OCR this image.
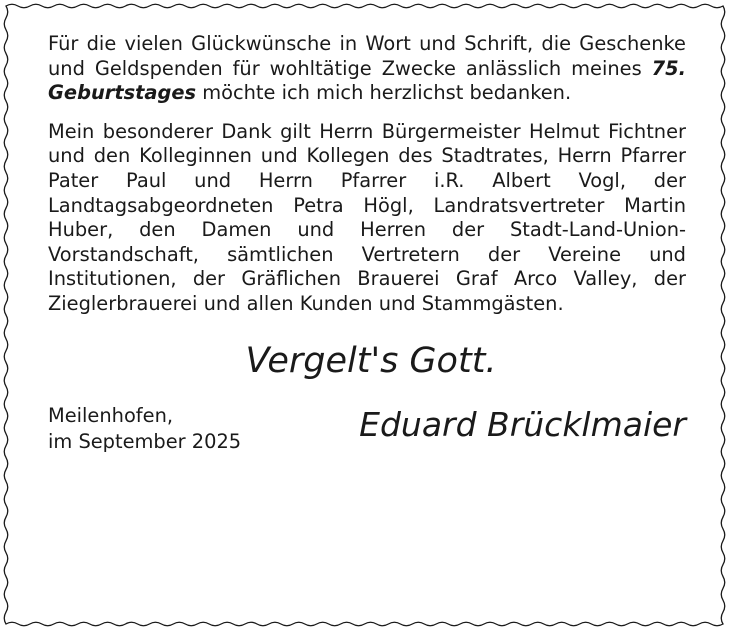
Für die vielen Glückwünsche in Wort und Schrift, die Geschenke und Geldspenden für wohltätige Zwecke anlässlich meines 75. Geburtstages möchte ich mich herzlichst bedanken.

Mein besonderer Dank gilt Herrn Bürgermeister Helmut Fichtner und den Kolleginnen und Kollegen des Stadtrates, Herrn Pfarrer Pater Paul und Herrn Pfarrer i.R. Albert Vogl, der Landtagsabgeordneten Petra Högl, Landratsvertreter Martin Huber, den Damen und Herren der Stadt-Land-Union-Vorstandschaft, sämtlichen Vertretern der Vereine und Institutionen, der Gräflichen Brauerei Graf Arco Valley, der Zieglerbrauerei und allen Kunden und Stammgästen.

Vergelt's Gott.
Meilenhofen,
im September 2025	Eduard Brücklmaier
